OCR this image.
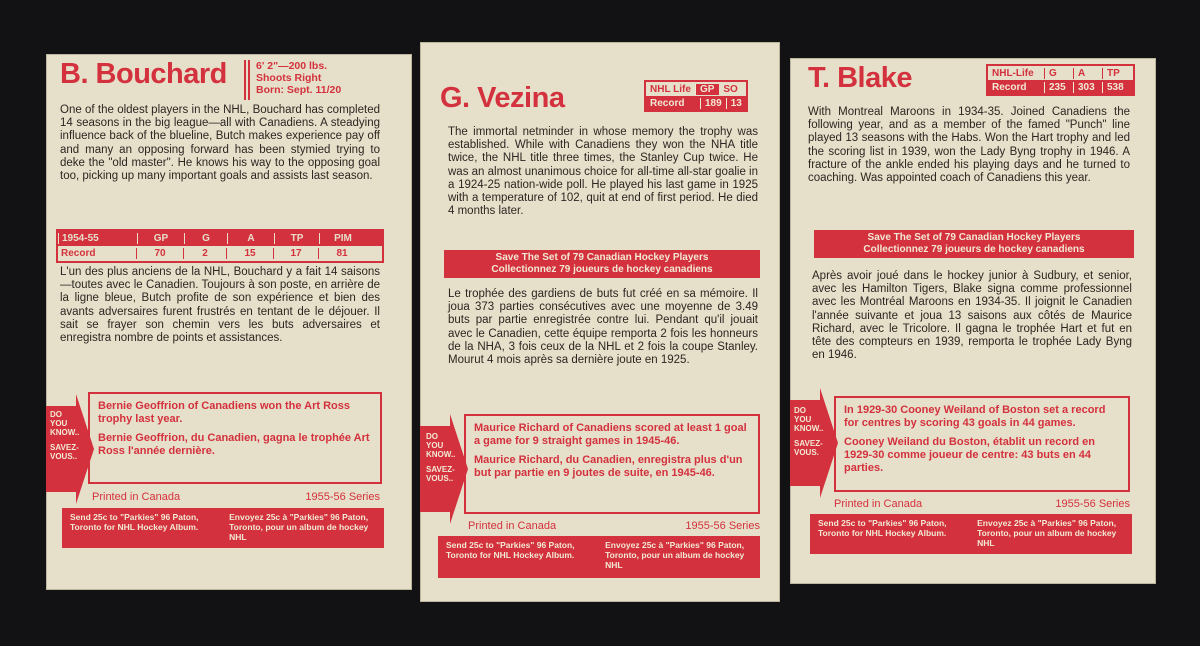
B. Bouchard	6' 2"—200 lbs.
Shoots Right
Born: Sept. 11/20
One of the oldest players in the NHL, Bouchard has completed 14 seasons in the big league—all with Canadiens. A steadying influence back of the blueline, Butch makes experience pay off and many an opposing forward has been stymied trying to deke the "old master". He knows his way to the opposing goal too, picking up many important goals and assists last season.
1954-55	GP	G	A	TP	PIM
Record	70	2	15	17	81
L'un des plus anciens de la NHL, Bouchard y a fait 14 saisons—toutes avec le Canadien. Toujours à son poste, en arrière de la ligne bleue, Butch profite de son expérience et bien des avants adversaires furent frustrés en tentant de le déjouer. Il sait se frayer son chemin vers les buts adversaires et enregistra nombre de points et assistances.
DO
YOU
KNOW..
SAVEZ-
VOUS..

Bernie Geoffrion of Canadiens won the Art Ross trophy last year.

Bernie Geoffrion, du Canadien, gagna le trophée Art Ross l'année dernière.

Printed in Canada	1955-56 Series
Send 25c to "Parkies" 96 Paton, Toronto for NHL Hockey Album.
Envoyez 25c à "Parkies" 96 Paton, Toronto, pour un album de hockey NHL
G. Vezina	NHL Life GP SO
Record	189 13
The immortal netminder in whose memory the trophy was established. While with Canadiens they won the NHA title twice, the NHL title three times, the Stanley Cup twice. He was an almost unanimous choice for all-time all-star goalie in a 1924-25 nation-wide poll. He played his last game in 1925 with a temperature of 102, quit at end of first period. He died 4 months later.
Save The Set of 79 Canadian Hockey Players
Collectionnez 79 joueurs de hockey canadiens
Le trophée des gardiens de buts fut créé en sa mémoire. Il joua 373 parties consécutives avec une moyenne de 3.49 buts par partie enregistrée contre lui. Pendant qu'il jouait avec le Canadien, cette équipe remporta 2 fois les honneurs de la NHA, 3 fois ceux de la NHL et 2 fois la coupe Stanley. Mourut 4 mois après sa dernière joute en 1925.
DO
YOU
KNOW..
SAVEZ-
VOUS..

Maurice Richard of Canadiens scored at least 1 goal a game for 9 straight games in 1945-46.

Maurice Richard, du Canadien, enregistra plus d'un but par partie en 9 joutes de suite, en 1945-46.

Printed in Canada	1955-56 Series
Send 25c to "Parkies" 96 Paton, Toronto for NHL Hockey Album.
Envoyez 25c à "Parkies" 96 Paton, Toronto, pour un album de hockey NHL
T. Blake	NHL-Life	G	A	TP
Record	235	303	538
With Montreal Maroons in 1934-35. Joined Canadiens the following year, and as a member of the famed "Punch" line played 13 seasons with the Habs. Won the Hart trophy and led the scoring list in 1939, won the Lady Byng trophy in 1946. A fracture of the ankle ended his playing days and he turned to coaching. Was appointed coach of Canadiens this year.
Save The Set of 79 Canadian Hockey Players
Collectionnez 79 joueurs de hockey canadiens
Après avoir joué dans le hockey junior à Sudbury, et senior, avec les Hamilton Tigers, Blake signa comme professionnel avec les Montréal Maroons en 1934-35. Il joignit le Canadien l'année suivante et joua 13 saisons aux côtés de Maurice Richard, avec le Tricolore. Il gagna le trophée Hart et fut en tête des compteurs en 1939, remporta le trophée Lady Byng en 1946.
DO
YOU
KNOW..
SAVEZ-
VOUS.

In 1929-30 Cooney Weiland of Boston set a record for centres by scoring 43 goals in 44 games.

Cooney Weiland du Boston, établit un record en 1929-30 comme joueur de centre: 43 buts en 44 parties.

Printed in Canada	1955-56 Series
Send 25c to "Parkies" 96 Paton, Toronto for NHL Hockey Album.
Envoyez 25c à "Parkies" 96 Paton, Toronto, pour un album de hockey NHL
